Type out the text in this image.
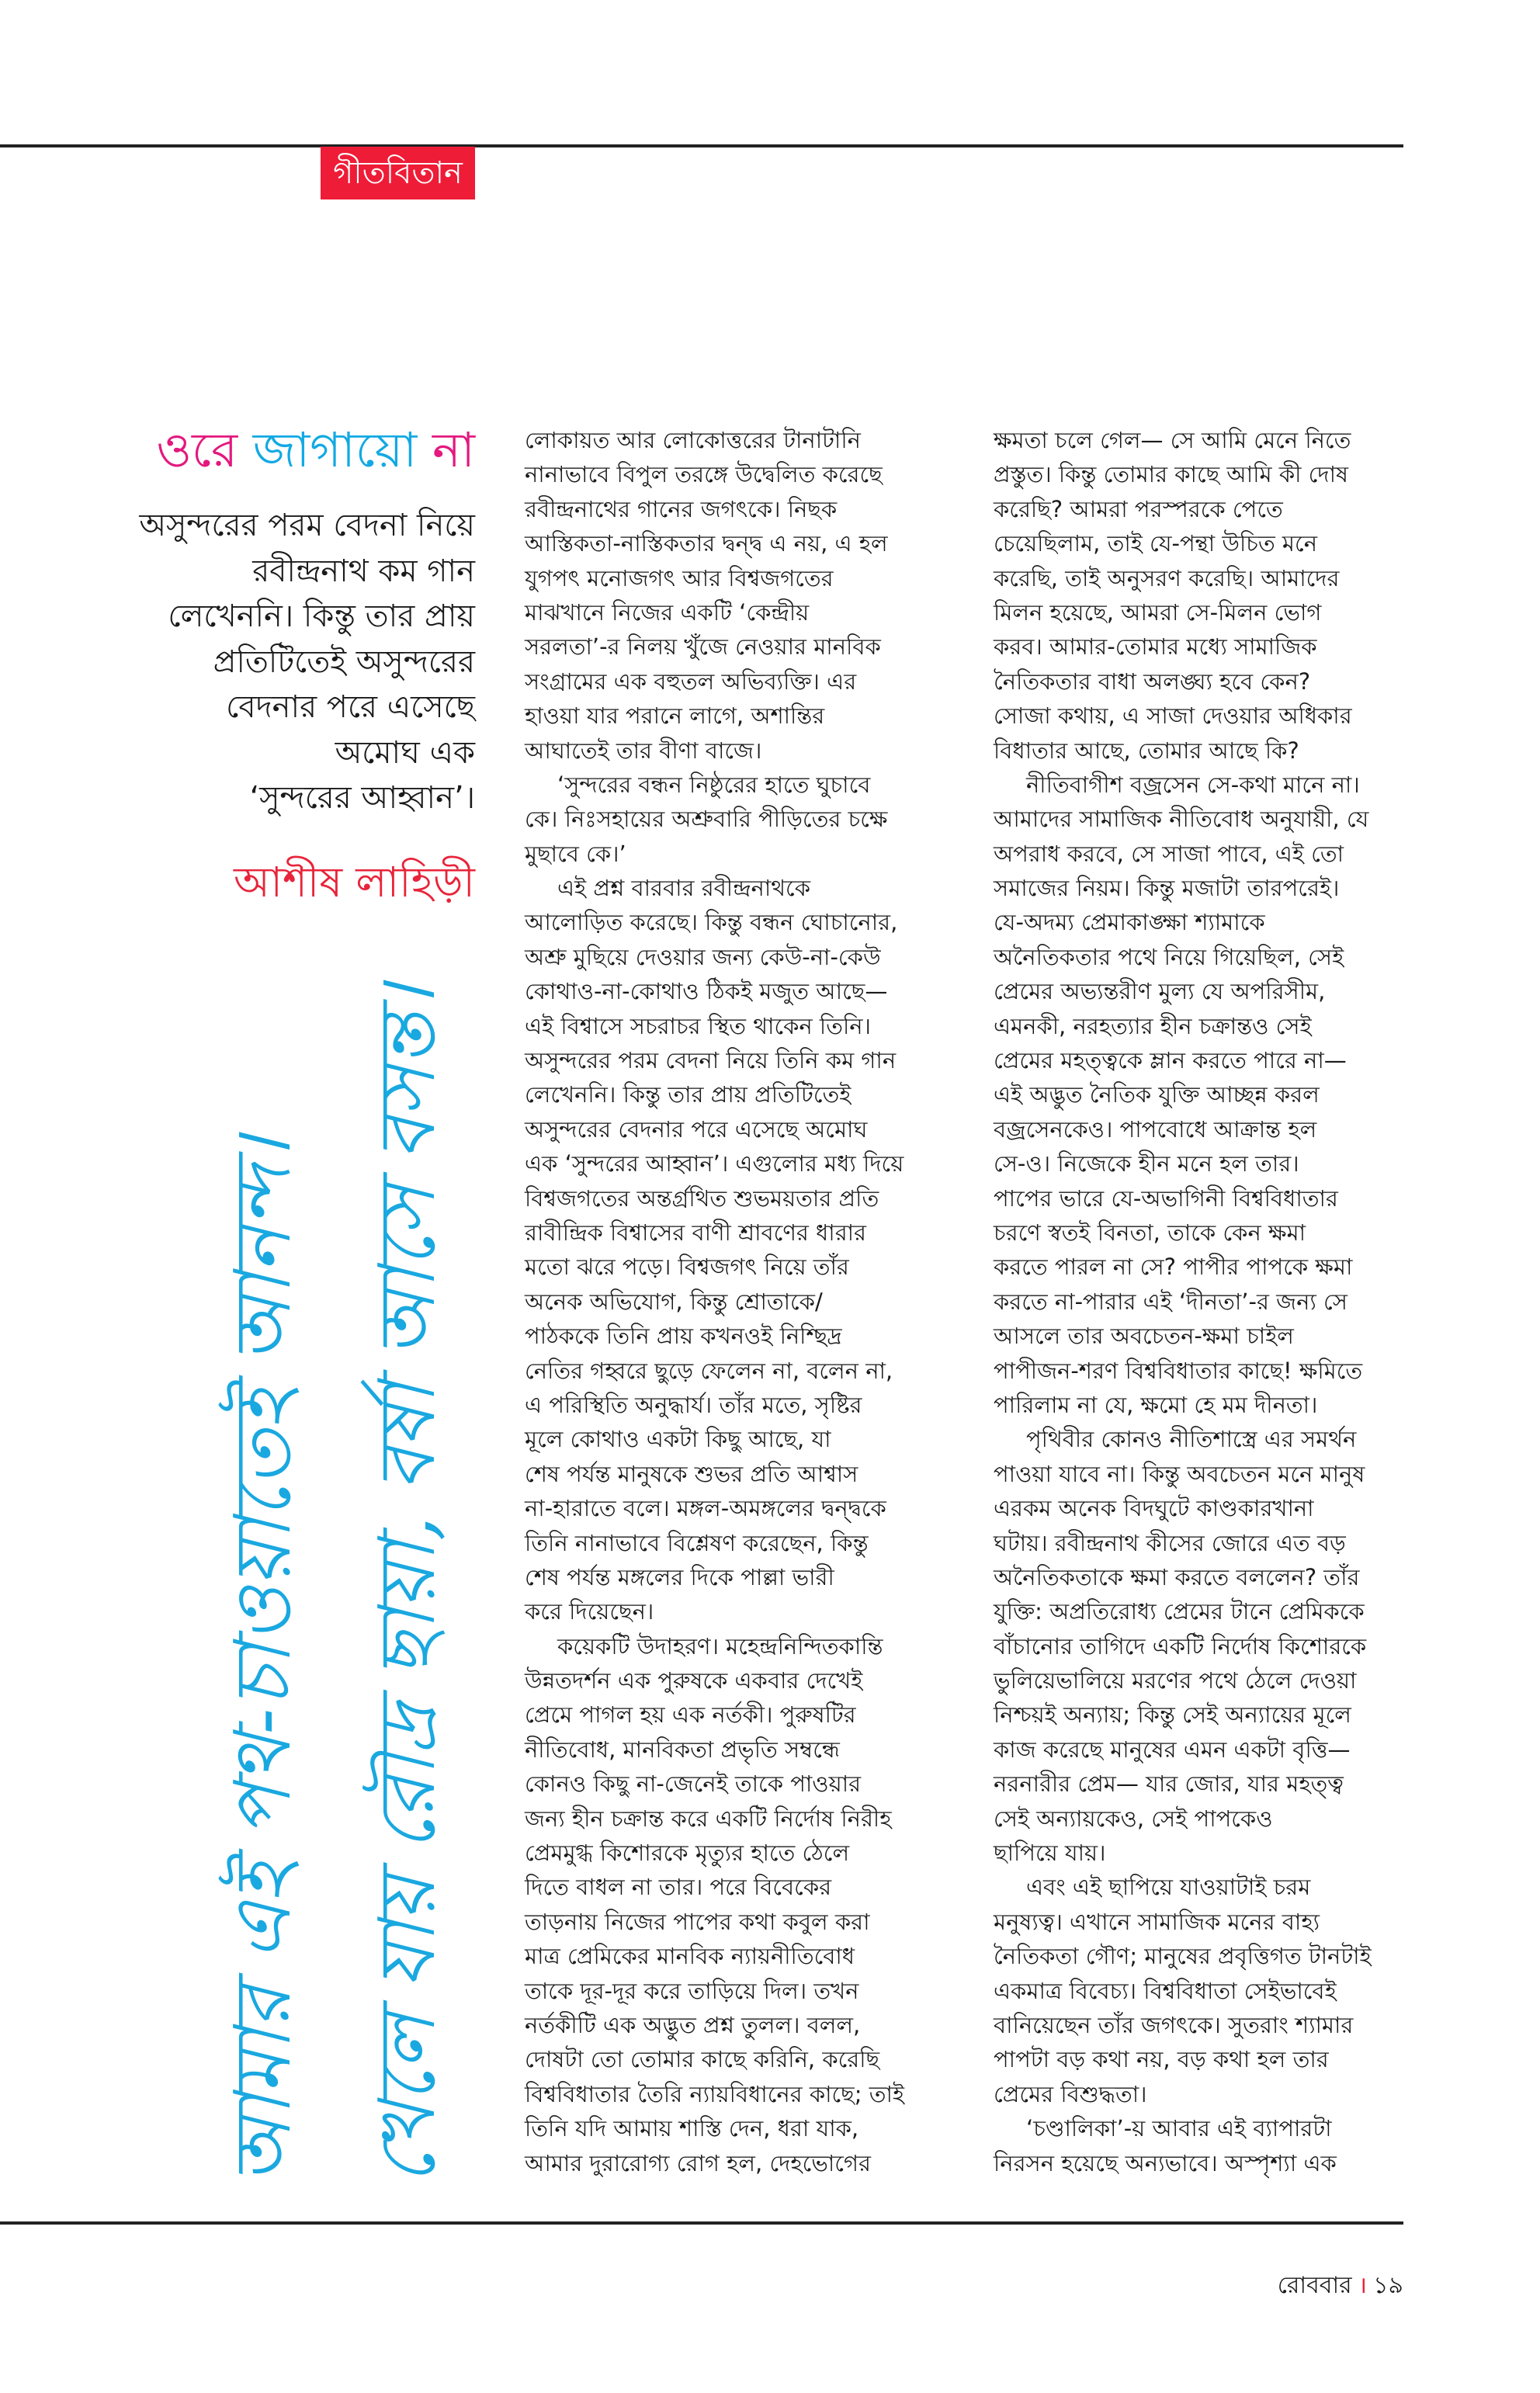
গীতবিতান
ওরে জাগায়ো না
অসুন্দরের পরম বেদনা নিয়ে
রবীন্দ্রনাথ কম গান
লেখেননি। কিন্তু তার প্রায়
প্রতিটিতেই অসুন্দরের
বেদনার পরে এসেছে
অমোঘ এক
‘সুন্দরের আহ্বান’।
আশীষ লাহিড়ী
আমার এই পথ-চাওয়াতেই আনন্দ। খেলে যায় রৌদ্র ছায়া, বর্ষা আসে বসন্ত।
লোকায়ত আর লোকোত্তরের টানাটানি
নানাভাবে বিপুল তরঙ্গে উদ্বেলিত করেছে
রবীন্দ্রনাথের গানের জগৎকে। নিছক
আস্তিকতা-নাস্তিকতার দ্বন্দ্ব এ নয়, এ হল
যুগপৎ মনোজগৎ আর বিশ্বজগতের
মাঝখানে নিজের একটি ‘কেন্দ্রীয়
সরলতা’-র নিলয় খুঁজে নেওয়ার মানবিক
সংগ্রামের এক বহুতল অভিব্যক্তি। এর
হাওয়া যার পরানে লাগে, অশান্তির
আঘাতেই তার বীণা বাজে।
‘সুন্দরের বন্ধন নিষ্ঠুরের হাতে ঘুচাবে
কে। নিঃসহায়ের অশ্রুবারি পীড়িতের চক্ষে
মুছাবে কে।’
এই প্রশ্ন বারবার রবীন্দ্রনাথকে
আলোড়িত করেছে। কিন্তু বন্ধন ঘোচানোর,
অশ্রু মুছিয়ে দেওয়ার জন্য কেউ-না-কেউ
কোথাও-না-কোথাও ঠিকই মজুত আছে—
এই বিশ্বাসে সচরাচর স্থিত থাকেন তিনি।
অসুন্দরের পরম বেদনা নিয়ে তিনি কম গান
লেখেননি। কিন্তু তার প্রায় প্রতিটিতেই
অসুন্দরের বেদনার পরে এসেছে অমোঘ
এক ‘সুন্দরের আহ্বান’। এগুলোর মধ্য দিয়ে
বিশ্বজগতের অন্তর্গ্রথিত শুভময়তার প্রতি
রাবীন্দ্রিক বিশ্বাসের বাণী শ্রাবণের ধারার
মতো ঝরে পড়ে। বিশ্বজগৎ নিয়ে তাঁর
অনেক অভিযোগ, কিন্তু শ্রোতাকে/
পাঠককে তিনি প্রায় কখনওই নিশ্ছিদ্র
নেতির গহ্বরে ছুড়ে ফেলেন না, বলেন না,
এ পরিস্থিতি অনুদ্ধার্য। তাঁর মতে, সৃষ্টির
মূলে কোথাও একটা কিছু আছে, যা
শেষ পর্যন্ত মানুষকে শুভর প্রতি আশ্বাস
না-হারাতে বলে। মঙ্গল-অমঙ্গলের দ্বন্দ্বকে
তিনি নানাভাবে বিশ্লেষণ করেছেন, কিন্তু
শেষ পর্যন্ত মঙ্গলের দিকে পাল্লা ভারী
করে দিয়েছেন।
কয়েকটি উদাহরণ। মহেন্দ্রনিন্দিতকান্তি
উন্নতদর্শন এক পুরুষকে একবার দেখেই
প্রেমে পাগল হয় এক নর্তকী। পুরুষটির
নীতিবোধ, মানবিকতা প্রভৃতি সম্বন্ধে
কোনও কিছু না-জেনেই তাকে পাওয়ার
জন্য হীন চক্রান্ত করে একটি নির্দোষ নিরীহ
প্রেমমুগ্ধ কিশোরকে মৃত্যুর হাতে ঠেলে
দিতে বাধল না তার। পরে বিবেকের
তাড়নায় নিজের পাপের কথা কবুল করা
মাত্র প্রেমিকের মানবিক ন্যায়নীতিবোধ
তাকে দূর-দূর করে তাড়িয়ে দিল। তখন
নর্তকীটি এক অদ্ভুত প্রশ্ন তুলল। বলল,
দোষটা তো তোমার কাছে করিনি, করেছি
বিশ্ববিধাতার তৈরি ন্যায়বিধানের কাছে; তাই
তিনি যদি আমায় শাস্তি দেন, ধরা যাক,
আমার দুরারোগ্য রোগ হল, দেহভোগের
ক্ষমতা চলে গেল— সে আমি মেনে নিতে
প্রস্তুত। কিন্তু তোমার কাছে আমি কী দোষ
করেছি? আমরা পরস্পরকে পেতে
চেয়েছিলাম, তাই যে-পন্থা উচিত মনে
করেছি, তাই অনুসরণ করেছি। আমাদের
মিলন হয়েছে, আমরা সে-মিলন ভোগ
করব। আমার-তোমার মধ্যে সামাজিক
নৈতিকতার বাধা অলঙ্ঘ্য হবে কেন?
সোজা কথায়, এ সাজা দেওয়ার অধিকার
বিধাতার আছে, তোমার আছে কি?
নীতিবাগীশ বজ্রসেন সে-কথা মানে না।
আমাদের সামাজিক নীতিবোধ অনুযায়ী, যে
অপরাধ করবে, সে সাজা পাবে, এই তো
সমাজের নিয়ম। কিন্তু মজাটা তারপরেই।
যে-অদম্য প্রেমাকাঙ্ক্ষা শ্যামাকে
অনৈতিকতার পথে নিয়ে গিয়েছিল, সেই
প্রেমের অভ্যন্তরীণ মুল্য যে অপরিসীম,
এমনকী, নরহত্যার হীন চক্রান্তও সেই
প্রেমের মহত্ত্বকে ম্লান করতে পারে না—
এই অদ্ভুত নৈতিক যুক্তি আচ্ছন্ন করল
বজ্রসেনকেও। পাপবোধে আক্রান্ত হল
সে-ও। নিজেকে হীন মনে হল তার।
পাপের ভারে যে-অভাগিনী বিশ্ববিধাতার
চরণে স্বতই বিনতা, তাকে কেন ক্ষমা
করতে পারল না সে? পাপীর পাপকে ক্ষমা
করতে না-পারার এই ‘দীনতা’-র জন্য সে
আসলে তার অবচেতন-ক্ষমা চাইল
পাপীজন-শরণ বিশ্ববিধাতার কাছে! ক্ষমিতে
পারিলাম না যে, ক্ষমো হে মম দীনতা।
পৃথিবীর কোনও নীতিশাস্ত্রে এর সমর্থন
পাওয়া যাবে না। কিন্তু অবচেতন মনে মানুষ
এরকম অনেক বিদঘুটে কাণ্ডকারখানা
ঘটায়। রবীন্দ্রনাথ কীসের জোরে এত বড়
অনৈতিকতাকে ক্ষমা করতে বললেন? তাঁর
যুক্তি: অপ্রতিরোধ্য প্রেমের টানে প্রেমিককে
বাঁচানোর তাগিদে একটি নির্দোষ কিশোরকে
ভুলিয়েভালিয়ে মরণের পথে ঠেলে দেওয়া
নিশ্চয়ই অন্যায়; কিন্তু সেই অন্যায়ের মূলে
কাজ করেছে মানুষের এমন একটা বৃত্তি—
নরনারীর প্রেম— যার জোর, যার মহত্ত্ব
সেই অন্যায়কেও, সেই পাপকেও
ছাপিয়ে যায়।
এবং এই ছাপিয়ে যাওয়াটাই চরম
মনুষ্যত্ব। এখানে সামাজিক মনের বাহ্য
নৈতিকতা গৌণ; মানুষের প্রবৃত্তিগত টানটাই
একমাত্র বিবেচ্য। বিশ্ববিধাতা সেইভাবেই
বানিয়েছেন তাঁর জগৎকে। সুতরাং শ্যামার
পাপটা বড় কথা নয়, বড় কথা হল তার
প্রেমের বিশুদ্ধতা।
‘চণ্ডালিকা’-য় আবার এই ব্যাপারটা
নিরসন হয়েছে অন্যভাবে। অস্পৃশ্যা এক
রোববার । ১৯
